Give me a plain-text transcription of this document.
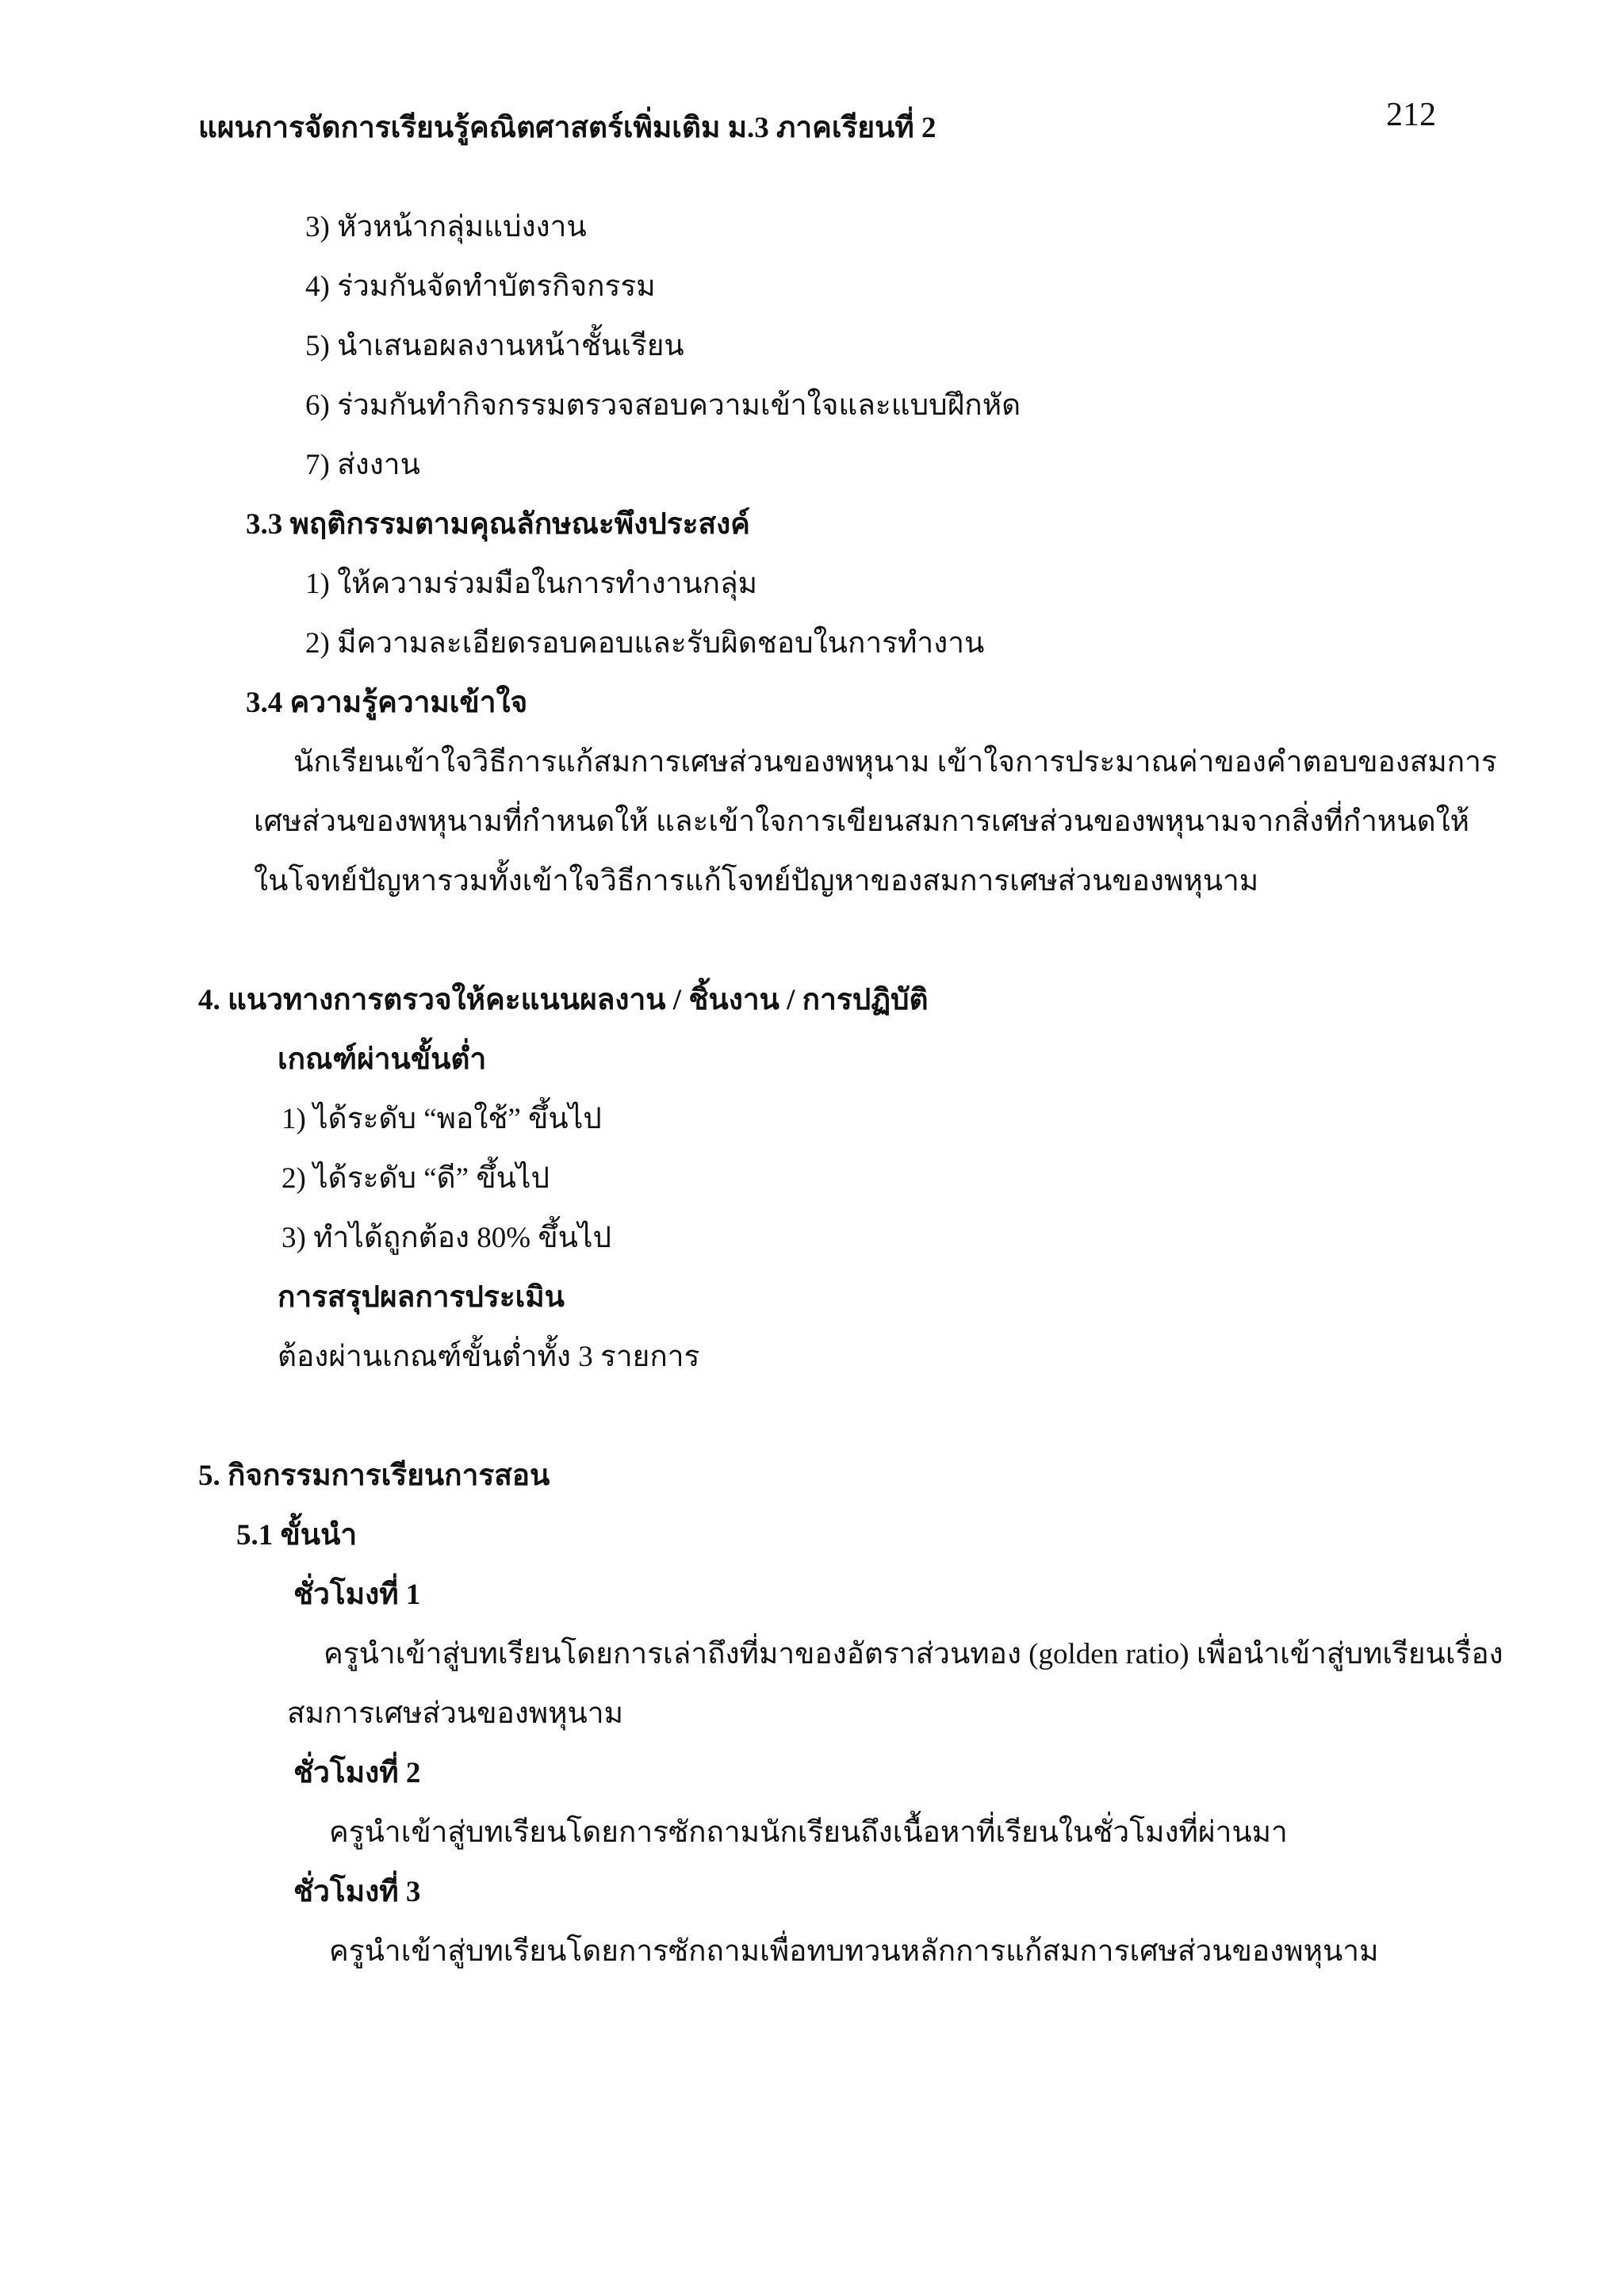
แผนการจัดการเรียนรู้คณิตศาสตร์เพิ่มเติม ม.3 ภาคเรียนที่ 2	212
3) หัวหน้ากลุ่มแบ่งงาน
4) ร่วมกันจัดทำบัตรกิจกรรม
5) นำเสนอผลงานหน้าชั้นเรียน
6) ร่วมกันทำกิจกรรมตรวจสอบความเข้าใจและแบบฝึกหัด
7) ส่งงาน
3.3 พฤติกรรมตามคุณลักษณะพึงประสงค์
1) ให้ความร่วมมือในการทำงานกลุ่ม
2) มีความละเอียดรอบคอบและรับผิดชอบในการทำงาน
3.4 ความรู้ความเข้าใจ
นักเรียนเข้าใจวิธีการแก้สมการเศษส่วนของพหุนาม เข้าใจการประมาณค่าของคำตอบของสมการ
เศษส่วนของพหุนามที่กำหนดให้ และเข้าใจการเขียนสมการเศษส่วนของพหุนามจากสิ่งที่กำหนดให้
ในโจทย์ปัญหารวมทั้งเข้าใจวิธีการแก้โจทย์ปัญหาของสมการเศษส่วนของพหุนาม
4. แนวทางการตรวจให้คะแนนผลงาน / ชิ้นงาน / การปฏิบัติ
เกณฑ์ผ่านขั้นต่ำ
1) ได้ระดับ “พอใช้” ขึ้นไป
2) ได้ระดับ “ดี” ขึ้นไป
3) ทำได้ถูกต้อง 80% ขึ้นไป
การสรุปผลการประเมิน
ต้องผ่านเกณฑ์ขั้นต่ำทั้ง 3 รายการ
5. กิจกรรมการเรียนการสอน
5.1 ขั้นนำ
ชั่วโมงที่ 1
ครูนำเข้าสู่บทเรียนโดยการเล่าถึงที่มาของอัตราส่วนทอง (golden ratio) เพื่อนำเข้าสู่บทเรียนเรื่อง
สมการเศษส่วนของพหุนาม
ชั่วโมงที่ 2
ครูนำเข้าสู่บทเรียนโดยการซักถามนักเรียนถึงเนื้อหาที่เรียนในชั่วโมงที่ผ่านมา
ชั่วโมงที่ 3
ครูนำเข้าสู่บทเรียนโดยการซักถามเพื่อทบทวนหลักการแก้สมการเศษส่วนของพหุนาม
